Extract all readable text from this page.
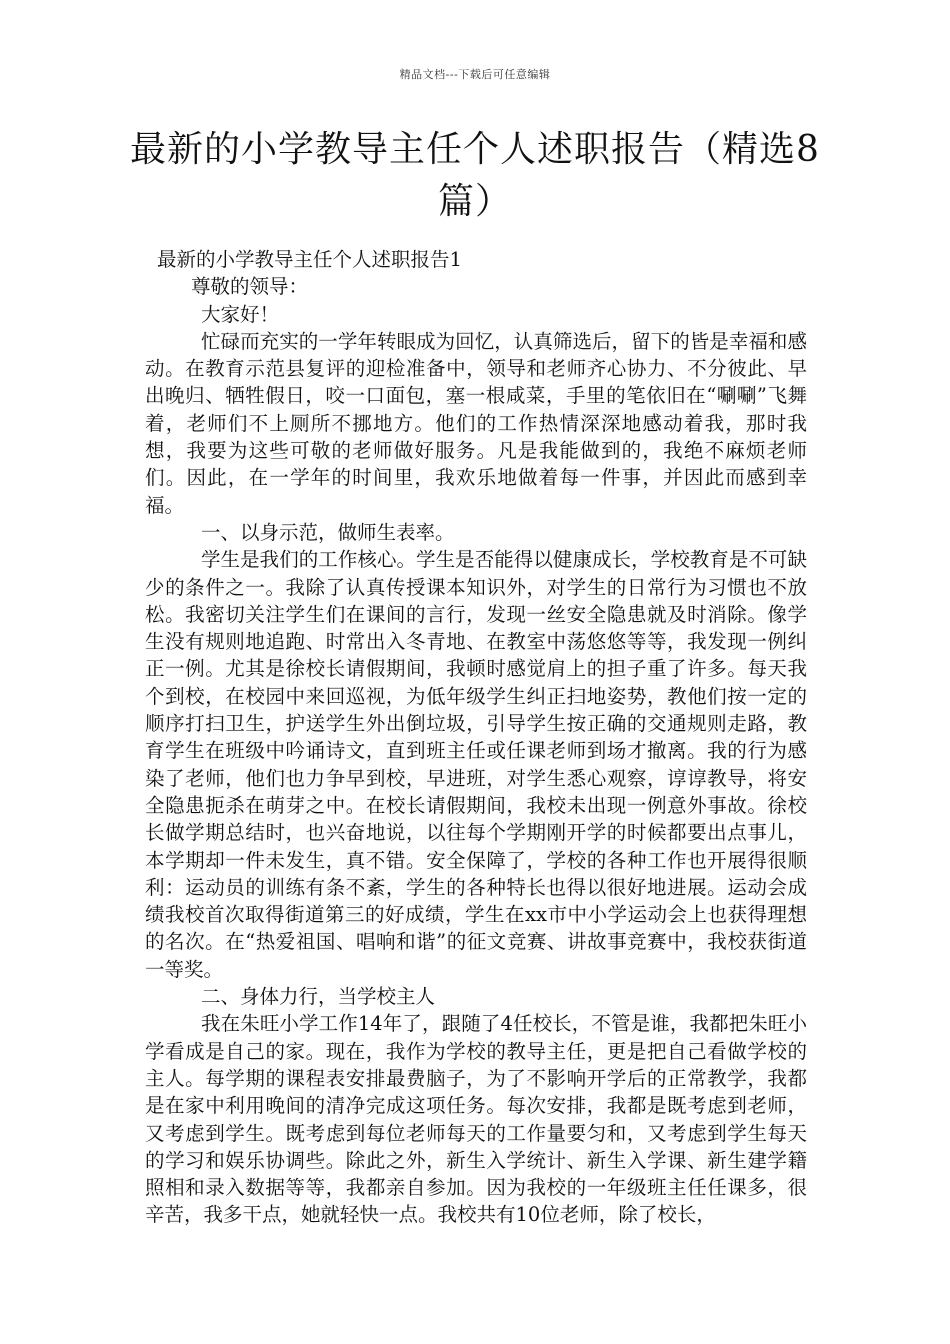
精品文档---下载后可任意编辑
最新的小学教导主任个人述职报告（精选8篇）

最新的小学教导主任个人述职报告1

尊敬的领导：

大家好！

忙碌而充实的一学年转眼成为回忆，认真筛选后，留下的皆是幸福和感动。在教育示范县复评的迎检准备中，领导和老师齐心协力、不分彼此、早出晚归、牺牲假日，咬一口面包，塞一根咸菜，手里的笔依旧在“唰唰”飞舞着，老师们不上厕所不挪地方。他们的工作热情深深地感动着我，那时我想，我要为这些可敬的老师做好服务。凡是我能做到的，我绝不麻烦老师们。因此，在一学年的时间里，我欢乐地做着每一件事，并因此而感到幸福。

一、以身示范，做师生表率。

学生是我们的工作核心。学生是否能得以健康成长，学校教育是不可缺少的条件之一。我除了认真传授课本知识外，对学生的日常行为习惯也不放松。我密切关注学生们在课间的言行，发现一丝安全隐患就及时消除。像学生没有规则地追跑、时常出入冬青地、在教室中荡悠悠等等，我发现一例纠正一例。尤其是徐校长请假期间，我顿时感觉肩上的担子重了许多。每天我个到校，在校园中来回巡视，为低年级学生纠正扫地姿势，教他们按一定的顺序打扫卫生，护送学生外出倒垃圾，引导学生按正确的交通规则走路，教育学生在班级中吟诵诗文，直到班主任或任课老师到场才撤离。我的行为感染了老师，他们也力争早到校，早进班，对学生悉心观察，谆谆教导，将安全隐患扼杀在萌芽之中。在校长请假期间，我校未出现一例意外事故。徐校长做学期总结时，也兴奋地说，以往每个学期刚开学的时候都要出点事儿，本学期却一件未发生，真不错。安全保障了，学校的各种工作也开展得很顺利：运动员的训练有条不紊，学生的各种特长也得以很好地进展。运动会成绩我校首次取得街道第三的好成绩，学生在xx市中小学运动会上也获得理想的名次。在“热爱祖国、唱响和谐”的征文竞赛、讲故事竞赛中，我校获街道一等奖。

二、身体力行，当学校主人

我在朱旺小学工作14年了，跟随了4任校长，不管是谁，我都把朱旺小学看成是自己的家。现在，我作为学校的教导主任，更是把自己看做学校的主人。每学期的课程表安排最费脑子，为了不影响开学后的正常教学，我都是在家中利用晚间的清净完成这项任务。每次安排，我都是既考虑到老师，又考虑到学生。既考虑到每位老师每天的工作量要匀和，又考虑到学生每天的学习和娱乐协调些。除此之外，新生入学统计、新生入学课、新生建学籍照相和录入数据等等，我都亲自参加。因为我校的一年级班主任任课多，很辛苦，我多干点，她就轻快一点。我校共有10位老师，除了校长，
